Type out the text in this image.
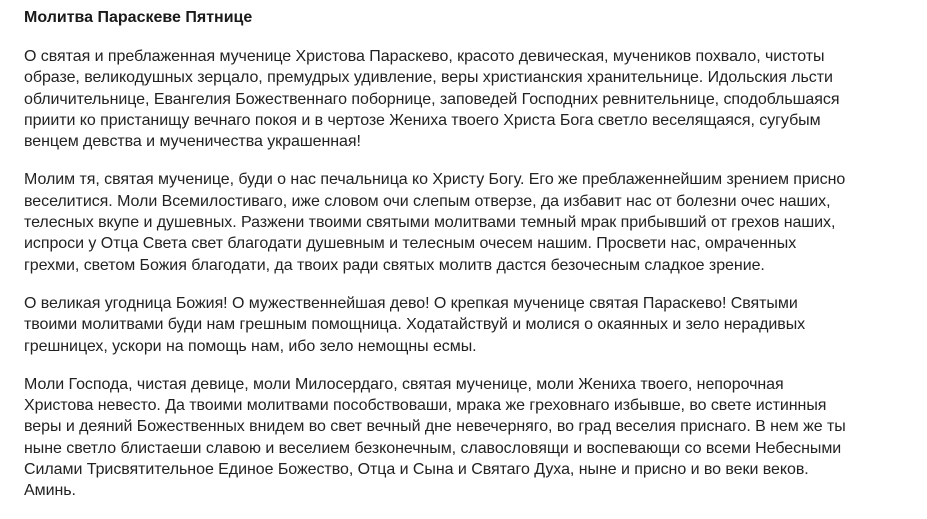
Молитва Параскеве Пятнице
О святая и преблаженная мученице Христова Параскево, красото девическая, мучеников похвало, чистоты
образе, великодушных зерцало, премудрых удивление, веры христианския хранительнице. Идольския льсти
обличительнице, Евангелия Божественнаго поборнице, заповедей Господних ревнительнице, сподобльшаяся
приити ко пристанищу вечнаго покоя и в чертозе Жениха твоего Христа Бога светло веселящаяся, сугубым
венцем девства и мученичества украшенная!
Молим тя, святая мученице, буди о нас печальница ко Христу Богу. Его же преблаженнейшим зрением присно
веселитися. Моли Всемилостиваго, иже словом очи слепым отверзе, да избавит нас от болезни очес наших,
телесных вкупе и душевных. Разжени твоими святыми молитвами темный мрак прибывший от грехов наших,
испроси у Отца Света свет благодати душевным и телесным очесем нашим. Просвети нас, омраченных
грехми, светом Божия благодати, да твоих ради святых молитв дастся безочесным сладкое зрение.
О великая угодница Божия! О мужественнейшая дево! О крепкая мученице святая Параскево! Святыми
твоими молитвами буди нам грешным помощница. Ходатайствуй и молися о окаянных и зело нерадивых
грешницех, ускори на помощь нам, ибо зело немощны есмы.
Моли Господа, чистая девице, моли Милосердаго, святая мученице, моли Жениха твоего, непорочная
Христова невесто. Да твоими молитвами пособствоваши, мрака же греховнаго избывше, во свете истинныя
веры и деяний Божественных внидем во свет вечный дне невечерняго, во град веселия приснаго. В нем же ты
ныне светло блистаеши славою и веселием безконечным, славословящи и воспевающи со всеми Небесными
Силами Трисвятительное Единое Божество, Отца и Сына и Святаго Духа, ныне и присно и во веки веков.
Аминь.
